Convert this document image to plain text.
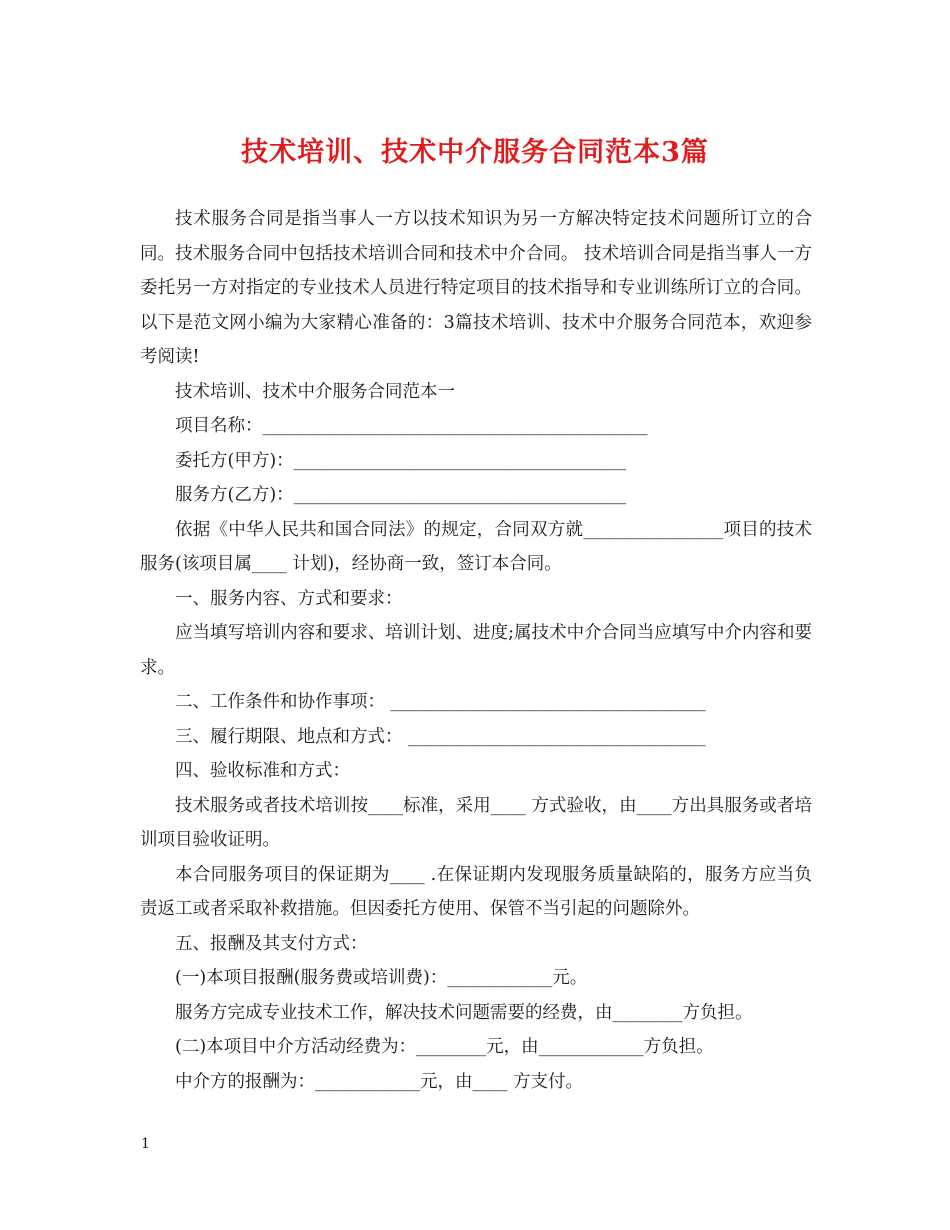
技术培训、技术中介服务合同范本3篇

技术服务合同是指当事人一方以技术知识为另一方解决特定技术问题所订立的合同。技术服务合同中包括技术培训合同和技术中介合同。 技术培训合同是指当事人一方委托另一方对指定的专业技术人员进行特定项目的技术指导和专业训练所订立的合同。以下是范文网小编为大家精心准备的：3篇技术培训、技术中介服务合同范本，欢迎参考阅读!

技术培训、技术中介服务合同范本一

项目名称：____________________________________________

委托方(甲方)：______________________________________

服务方(乙方)：______________________________________

依据《中华人民共和国合同法》的规定，合同双方就________________项目的技术服务(该项目属____ 计划)，经协商一致，签订本合同。

一、服务内容、方式和要求：

应当填写培训内容和要求、培训计划、进度;属技术中介合同当应填写中介内容和要求。

二、工作条件和协作事项： ____________________________________

三、履行期限、地点和方式： __________________________________

四、验收标准和方式：

技术服务或者技术培训按____标准，采用____ 方式验收，由____方出具服务或者培训项目验收证明。

本合同服务项目的保证期为____ .在保证期内发现服务质量缺陷的，服务方应当负责返工或者采取补救措施。但因委托方使用、保管不当引起的问题除外。

五、报酬及其支付方式：

(一)本项目报酬(服务费或培训费)：____________元。

服务方完成专业技术工作，解决技术问题需要的经费，由________方负担。

(二)本项目中介方活动经费为：________元，由____________方负担。

中介方的报酬为：____________元，由____ 方支付。

1
